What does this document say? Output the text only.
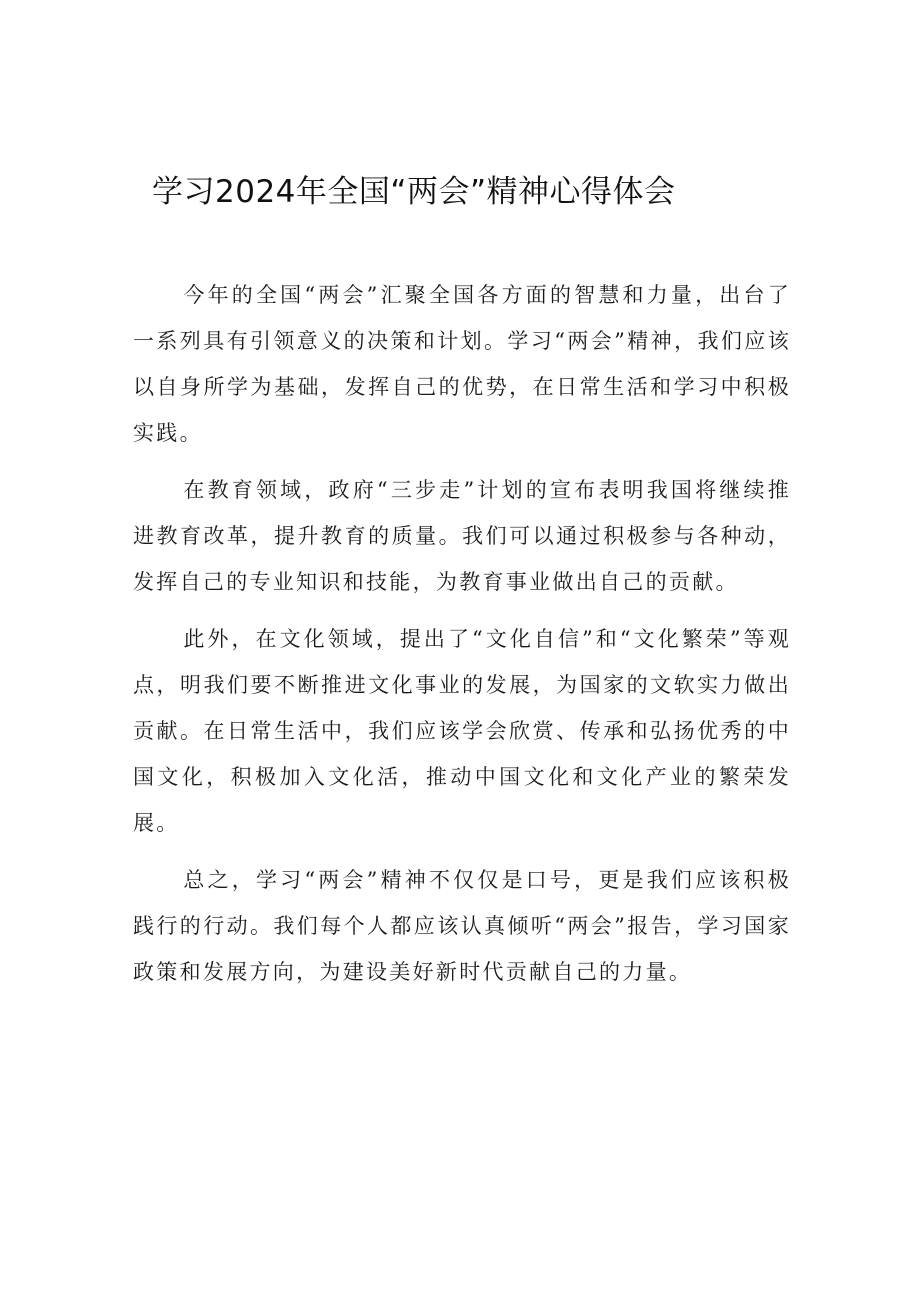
学习2024年全国“两会”精神心得体会

今年的全国“两会”汇聚全国各方面的智慧和力量，出台了一系列具有引领意义的决策和计划。学习“两会”精神，我们应该以自身所学为基础，发挥自己的优势，在日常生活和学习中积极实践。

在教育领域，政府“三步走”计划的宣布表明我国将继续推进教育改革，提升教育的质量。我们可以通过积极参与各种动，发挥自己的专业知识和技能，为教育事业做出自己的贡献。

此外，在文化领域，提出了“文化自信”和“文化繁荣”等观点，明我们要不断推进文化事业的发展，为国家的文软实力做出贡献。在日常生活中，我们应该学会欣赏、传承和弘扬优秀的中国文化，积极加入文化活，推动中国文化和文化产业的繁荣发展。

总之，学习“两会”精神不仅仅是口号，更是我们应该积极践行的行动。我们每个人都应该认真倾听“两会”报告，学习国家政策和发展方向，为建设美好新时代贡献自己的力量。
